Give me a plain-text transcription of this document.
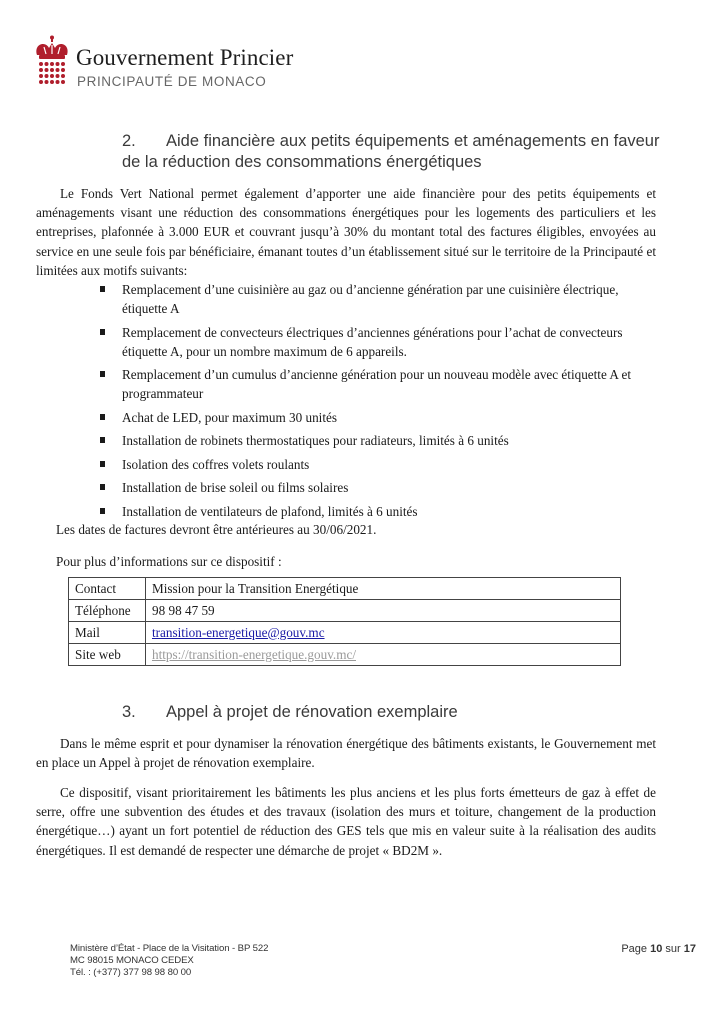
Gouvernement Princier
PRINCIPAUTÉ DE MONACO
2. Aide financière aux petits équipements et aménagements en faveur de la réduction des consommations énergétiques

Le Fonds Vert National permet également d’apporter une aide financière pour des petits équipements et aménagements visant une réduction des consommations énergétiques pour les logements des particuliers et les entreprises, plafonnée à 3.000 EUR et couvrant jusqu’à 30% du montant total des factures éligibles, envoyées au service en une seule fois par bénéficiaire, émanant toutes d’un établissement situé sur le territoire de la Principauté et limitées aux motifs suivants:

Remplacement d’une cuisinière au gaz ou d’ancienne génération par une cuisinière électrique, étiquette A
Remplacement de convecteurs électriques d’anciennes générations pour l’achat de convecteurs étiquette A, pour un nombre maximum de 6 appareils.
Remplacement d’un cumulus d’ancienne génération pour un nouveau modèle avec étiquette A et programmateur
Achat de LED, pour maximum 30 unités
Installation de robinets thermostatiques pour radiateurs, limités à 6 unités
Isolation des coffres volets roulants
Installation de brise soleil ou films solaires
Installation de ventilateurs de plafond, limités à 6 unités

Les dates de factures devront être antérieures au 30/06/2021.

Pour plus d’informations sur ce dispositif :

Contact	Mission pour la Transition Energétique
Téléphone	98 98 47 59
Mail	transition-energetique@gouv.mc
Site web	https://transition-energetique.gouv.mc/
3. Appel à projet de rénovation exemplaire

Dans le même esprit et pour dynamiser la rénovation énergétique des bâtiments existants, le Gouvernement met en place un Appel à projet de rénovation exemplaire.

Ce dispositif, visant prioritairement les bâtiments les plus anciens et les plus forts émetteurs de gaz à effet de serre, offre une subvention des études et des travaux (isolation des murs et toiture, changement de la production énergétique…) ayant un fort potentiel de réduction des GES tels que mis en valeur suite à la réalisation des audits énergétiques. Il est demandé de respecter une démarche de projet « BD2M ».

Ministère d’État - Place de la Visitation - BP 522
MC 98015 MONACO CEDEX
Tél. : (+377) 377 98 98 80 00
Page 10 sur 17
